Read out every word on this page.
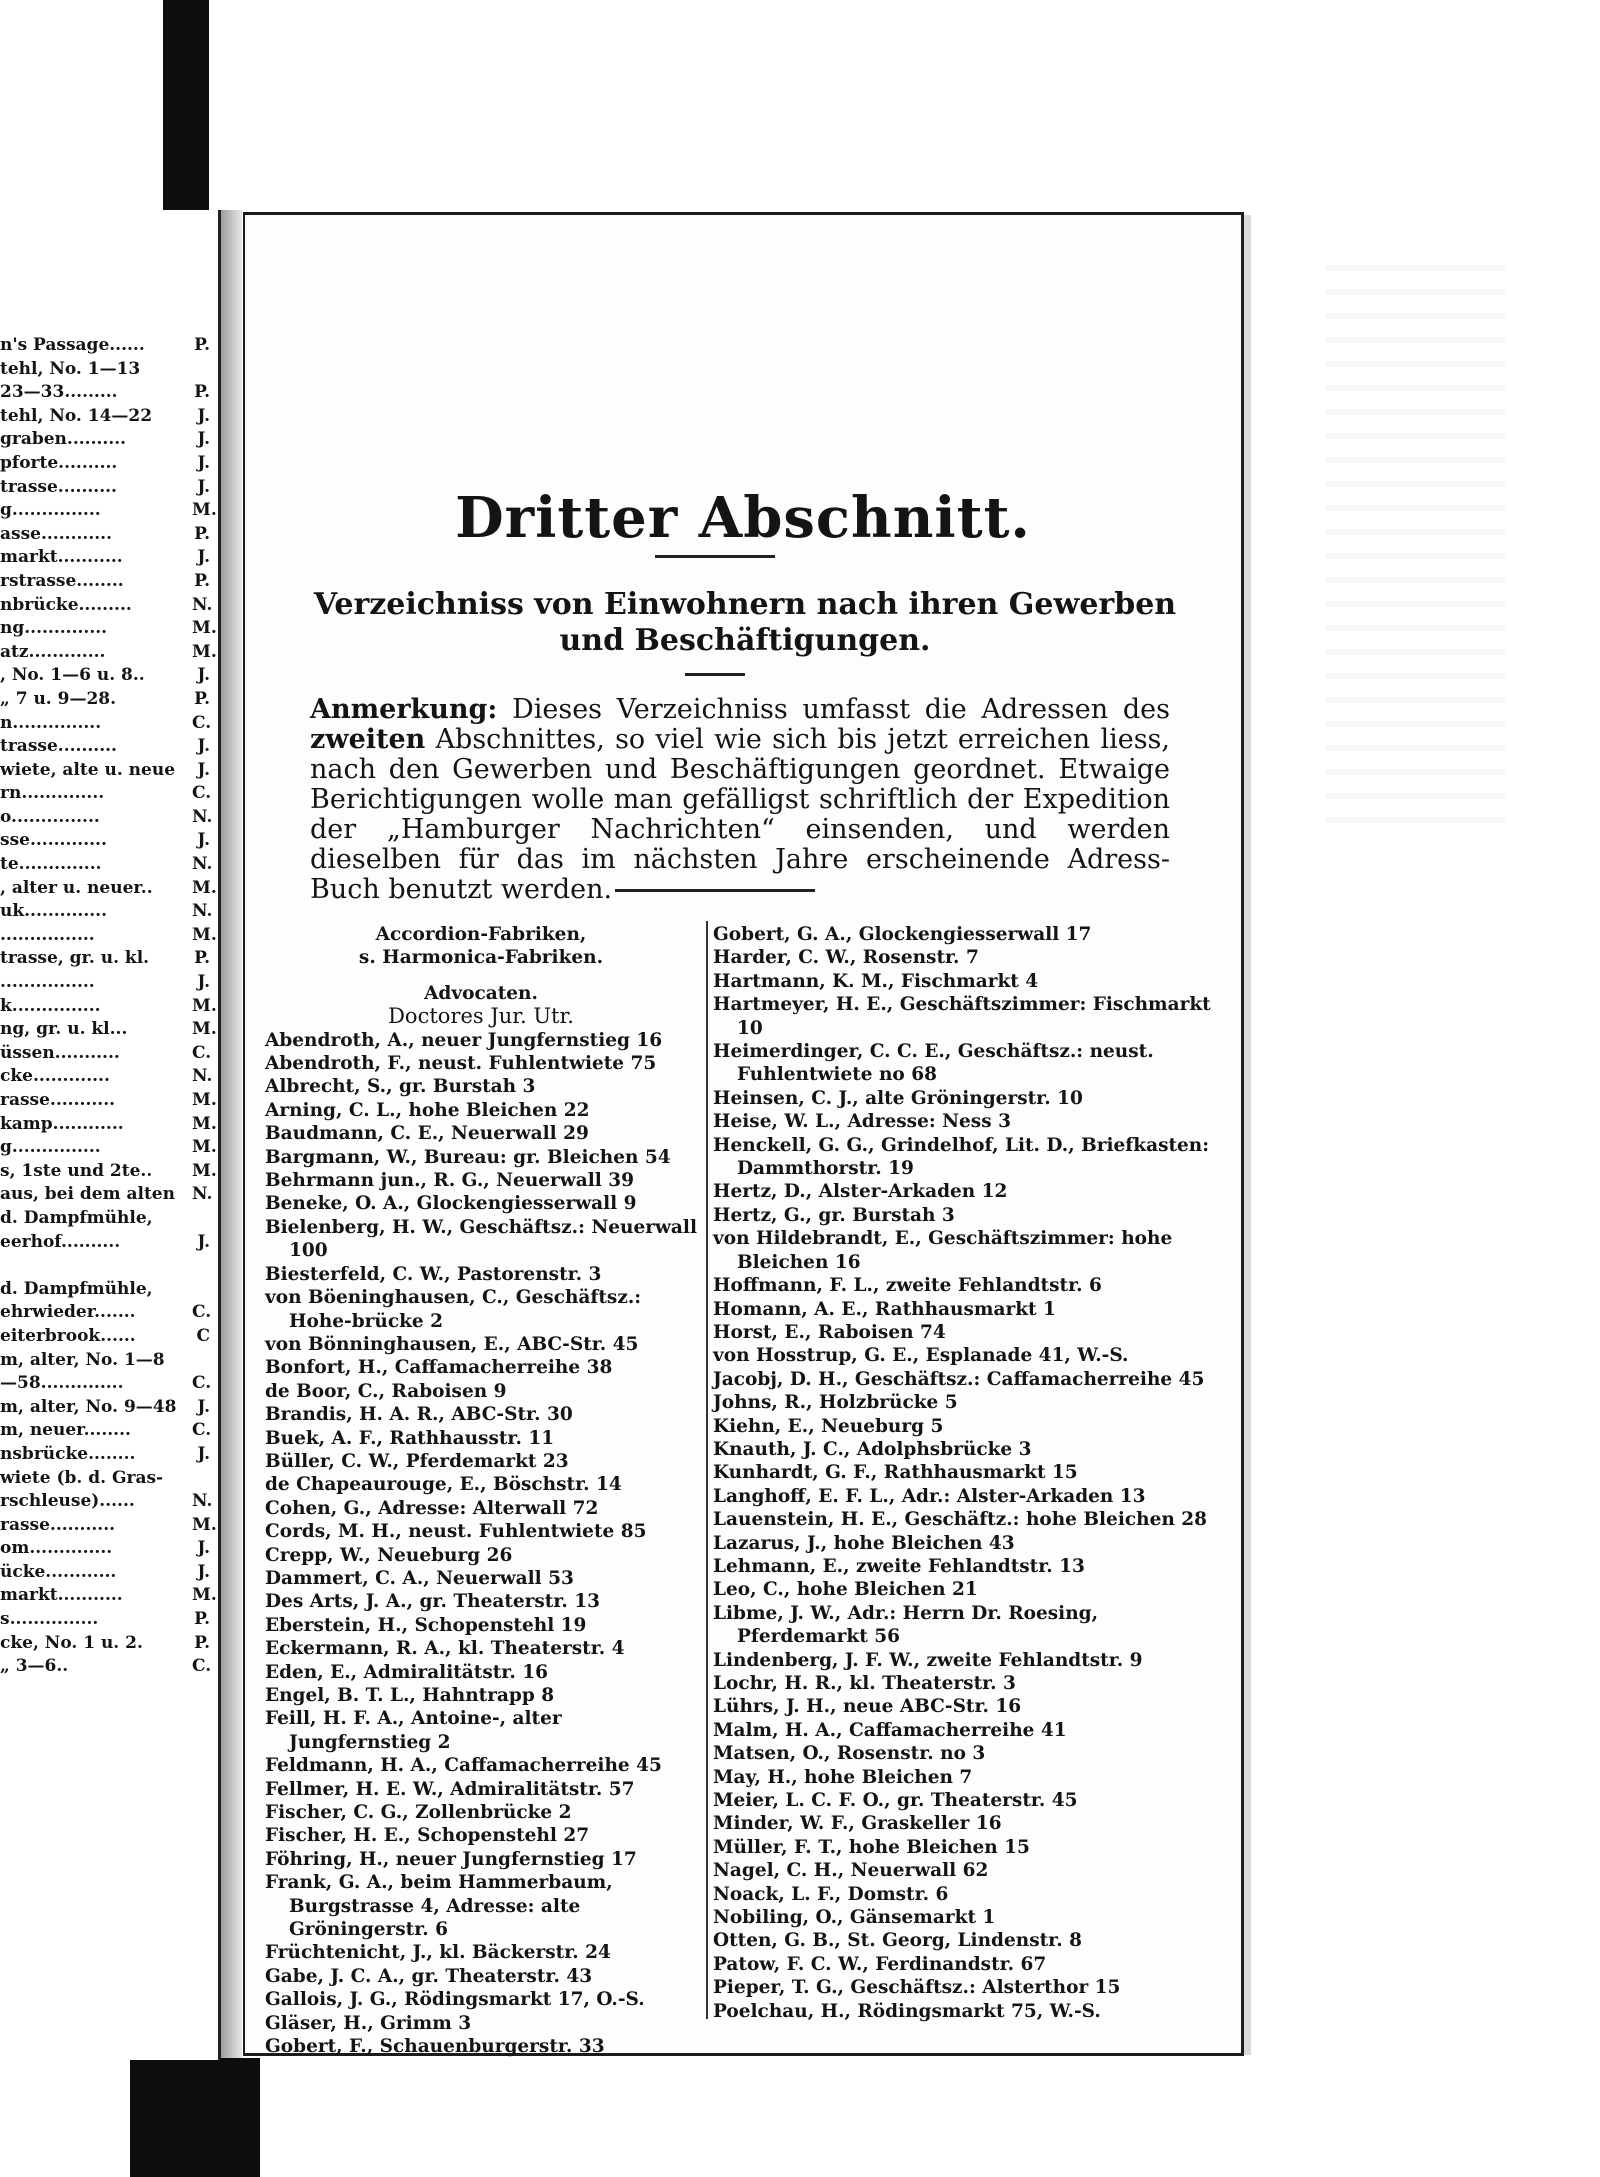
n's Passage......	P.
tehl, No. 1—13
23—33.........	P.
tehl, No. 14—22	J.
graben..........	J.
pforte..........	J.
trasse..........	J.
g...............	M.
asse............	P.
markt...........	J.
rstrasse........	P.
nbrücke.........	N.
ng..............	M.
atz.............	M.
, No. 1—6 u. 8..	J.
„ 7 u. 9—28.	P.
n...............	C.
trasse..........	J.
wiete, alte u. neue	J.
rn..............	C.
o...............	N.
sse.............	J.
te..............	N.
, alter u. neuer..	M.
uk..............	N.
................	M.
trasse, gr. u. kl.	P.
................	J.
k...............	M.
ng, gr. u. kl...	M.
üssen...........	C.
cke.............	N.
rasse...........	M.
kamp............	M.
g...............	M.
s, 1ste und 2te..	M.
aus, bei dem alten	N.
d. Dampfmühle,
eerhof..........	J.
d. Dampfmühle,
ehrwieder.......	C.
eiterbrook......	C
m, alter, No. 1—8
—58..............	C.
m, alter, No. 9—48	J.
m, neuer........	C.
nsbrücke........	J.
wiete (b. d. Gras-
rschleuse)......	N.
rasse...........	M.
om..............	J.
ücke............	J.
markt...........	M.
s...............	P.
cke, No. 1 u. 2.	P.
„ 3—6..	C.
Dritter Abschnitt.
Verzeichniss von Einwohnern nach ihren Gewerben
und Beschäftigungen.
Anmerkung: Dieses Verzeichniss umfasst die Adressen des zweiten Abschnittes, so viel wie sich bis jetzt erreichen liess, nach den Gewerben und Beschäftigungen geordnet. Etwaige Berichtigungen wolle man gefälligst schriftlich der Expedition der „Hamburger Nachrichten“ einsenden, und werden dieselben für das im nächsten Jahre erscheinende Adress-Buch benutzt werden.
Accordion-Fabriken,
s. Harmonica-Fabriken.
Advocaten.
Doctores Jur. Utr.
Abendroth, A., neuer Jungfernstieg 16
Abendroth, F., neust. Fuhlentwiete 75
Albrecht, S., gr. Burstah 3
Arning, C. L., hohe Bleichen 22
Baudmann, C. E., Neuerwall 29
Bargmann, W., Bureau: gr. Bleichen 54
Behrmann jun., R. G., Neuerwall 39
Beneke, O. A., Glockengiesserwall 9
Bielenberg, H. W., Geschäftsz.: Neuerwall 100
Biesterfeld, C. W., Pastorenstr. 3
von Böeninghausen, C., Geschäftsz.: Hohe-brücke 2
von Bönninghausen, E., ABC-Str. 45
Bonfort, H., Caffamacherreihe 38
de Boor, C., Raboisen 9
Brandis, H. A. R., ABC-Str. 30
Buek, A. F., Rathhausstr. 11
Büller, C. W., Pferdemarkt 23
de Chapeaurouge, E., Böschstr. 14
Cohen, G., Adresse: Alterwall 72
Cords, M. H., neust. Fuhlentwiete 85
Crepp, W., Neueburg 26
Dammert, C. A., Neuerwall 53
Des Arts, J. A., gr. Theaterstr. 13
Eberstein, H., Schopenstehl 19
Eckermann, R. A., kl. Theaterstr. 4
Eden, E., Admiralitätstr. 16
Engel, B. T. L., Hahntrapp 8
Feill, H. F. A., Antoine-, alter Jungfernstieg 2
Feldmann, H. A., Caffamacherreihe 45
Fellmer, H. E. W., Admiralitätstr. 57
Fischer, C. G., Zollenbrücke 2
Fischer, H. E., Schopenstehl 27
Föhring, H., neuer Jungfernstieg 17
Frank, G. A., beim Hammerbaum, Burgstrasse 4, Adresse: alte Gröningerstr. 6
Früchtenicht, J., kl. Bäckerstr. 24
Gabe, J. C. A., gr. Theaterstr. 43
Gallois, J. G., Rödingsmarkt 17, O.-S.
Gläser, H., Grimm 3
Gobert, F., Schauenburgerstr. 33
Gobert, G. A., Glockengiesserwall 17
Harder, C. W., Rosenstr. 7
Hartmann, K. M., Fischmarkt 4
Hartmeyer, H. E., Geschäftszimmer: Fischmarkt 10
Heimerdinger, C. C. E., Geschäftsz.: neust. Fuhlentwiete no 68
Heinsen, C. J., alte Gröningerstr. 10
Heise, W. L., Adresse: Ness 3
Henckell, G. G., Grindelhof, Lit. D., Briefkasten: Dammthorstr. 19
Hertz, D., Alster-Arkaden 12
Hertz, G., gr. Burstah 3
von Hildebrandt, E., Geschäftszimmer: hohe Bleichen 16
Hoffmann, F. L., zweite Fehlandtstr. 6
Homann, A. E., Rathhausmarkt 1
Horst, E., Raboisen 74
von Hosstrup, G. E., Esplanade 41, W.-S.
Jacobj, D. H., Geschäftsz.: Caffamacherreihe 45
Johns, R., Holzbrücke 5
Kiehn, E., Neueburg 5
Knauth, J. C., Adolphsbrücke 3
Kunhardt, G. F., Rathhausmarkt 15
Langhoff, E. F. L., Adr.: Alster-Arkaden 13
Lauenstein, H. E., Geschäftz.: hohe Bleichen 28
Lazarus, J., hohe Bleichen 43
Lehmann, E., zweite Fehlandtstr. 13
Leo, C., hohe Bleichen 21
Libme, J. W., Adr.: Herrn Dr. Roesing, Pferdemarkt 56
Lindenberg, J. F. W., zweite Fehlandtstr. 9
Lochr, H. R., kl. Theaterstr. 3
Lührs, J. H., neue ABC-Str. 16
Malm, H. A., Caffamacherreihe 41
Matsen, O., Rosenstr. no 3
May, H., hohe Bleichen 7
Meier, L. C. F. O., gr. Theaterstr. 45
Minder, W. F., Graskeller 16
Müller, F. T., hohe Bleichen 15
Nagel, C. H., Neuerwall 62
Noack, L. F., Domstr. 6
Nobiling, O., Gänsemarkt 1
Otten, G. B., St. Georg, Lindenstr. 8
Patow, F. C. W., Ferdinandstr. 67
Pieper, T. G., Geschäftsz.: Alsterthor 15
Poelchau, H., Rödingsmarkt 75, W.-S.
